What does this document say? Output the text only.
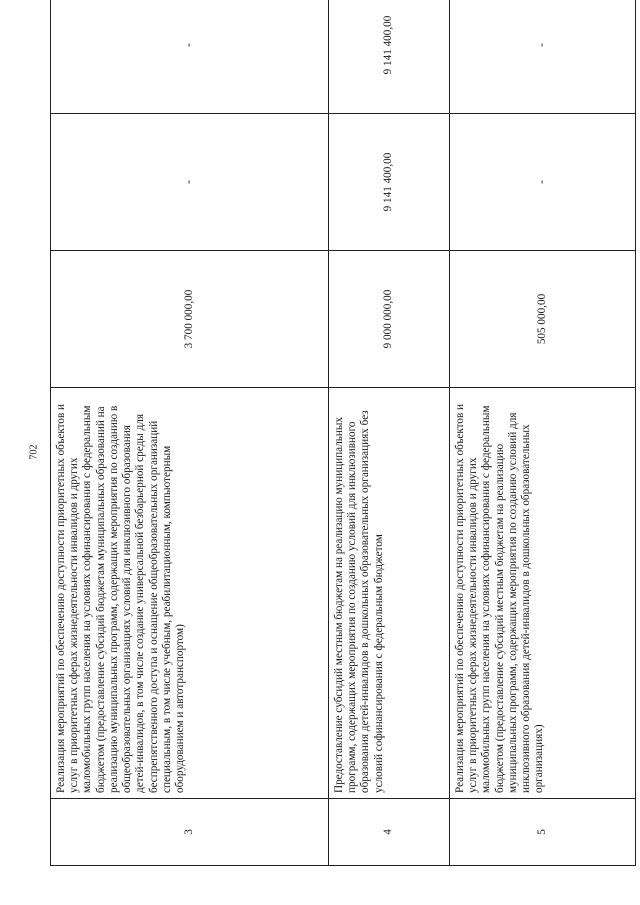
702
3	Реализация мероприятий по обеспечению доступности приоритетных объектов и услуг в приоритетных сферах жизнедеятельности инвалидов и других маломобильных групп населения на условиях софинансирования с федеральным бюджетом (предоставление субсидий бюджетам муниципальных образований на реализацию муниципальных программ, содержащих мероприятия по созданию в общеобразовательных организациях условий для инклюзивного образования детей-инвалидов, в том числе создание универсальной безбарьерной среды для беспрепятственного доступа и оснащение общеобразовательных организаций специальным, в том числе учебным, реабилитационным, компьютерным оборудованием и автотранспортом)	3 700 000,00	-	-
4	Предоставление субсидий местным бюджетам на реализацию муниципальных программ, содержащих мероприятия по созданию условий для инклюзивного образования детей-инвалидов в дошкольных образовательных организациях без условий софинансирования с федеральным бюджетом	9 000 000,00	9 141 400,00	9 141 400,00
5	Реализация мероприятий по обеспечению доступности приоритетных объектов и услуг в приоритетных сферах жизнедеятельности инвалидов и других маломобильных групп населения на условиях софинансирования с федеральным бюджетом (предоставление субсидий местным бюджетам на реализацию муниципальных программ, содержащих мероприятия по созданию условий для инклюзивного образования детей-инвалидов в дошкольных образовательных организациях)	505 000,00	-	-
